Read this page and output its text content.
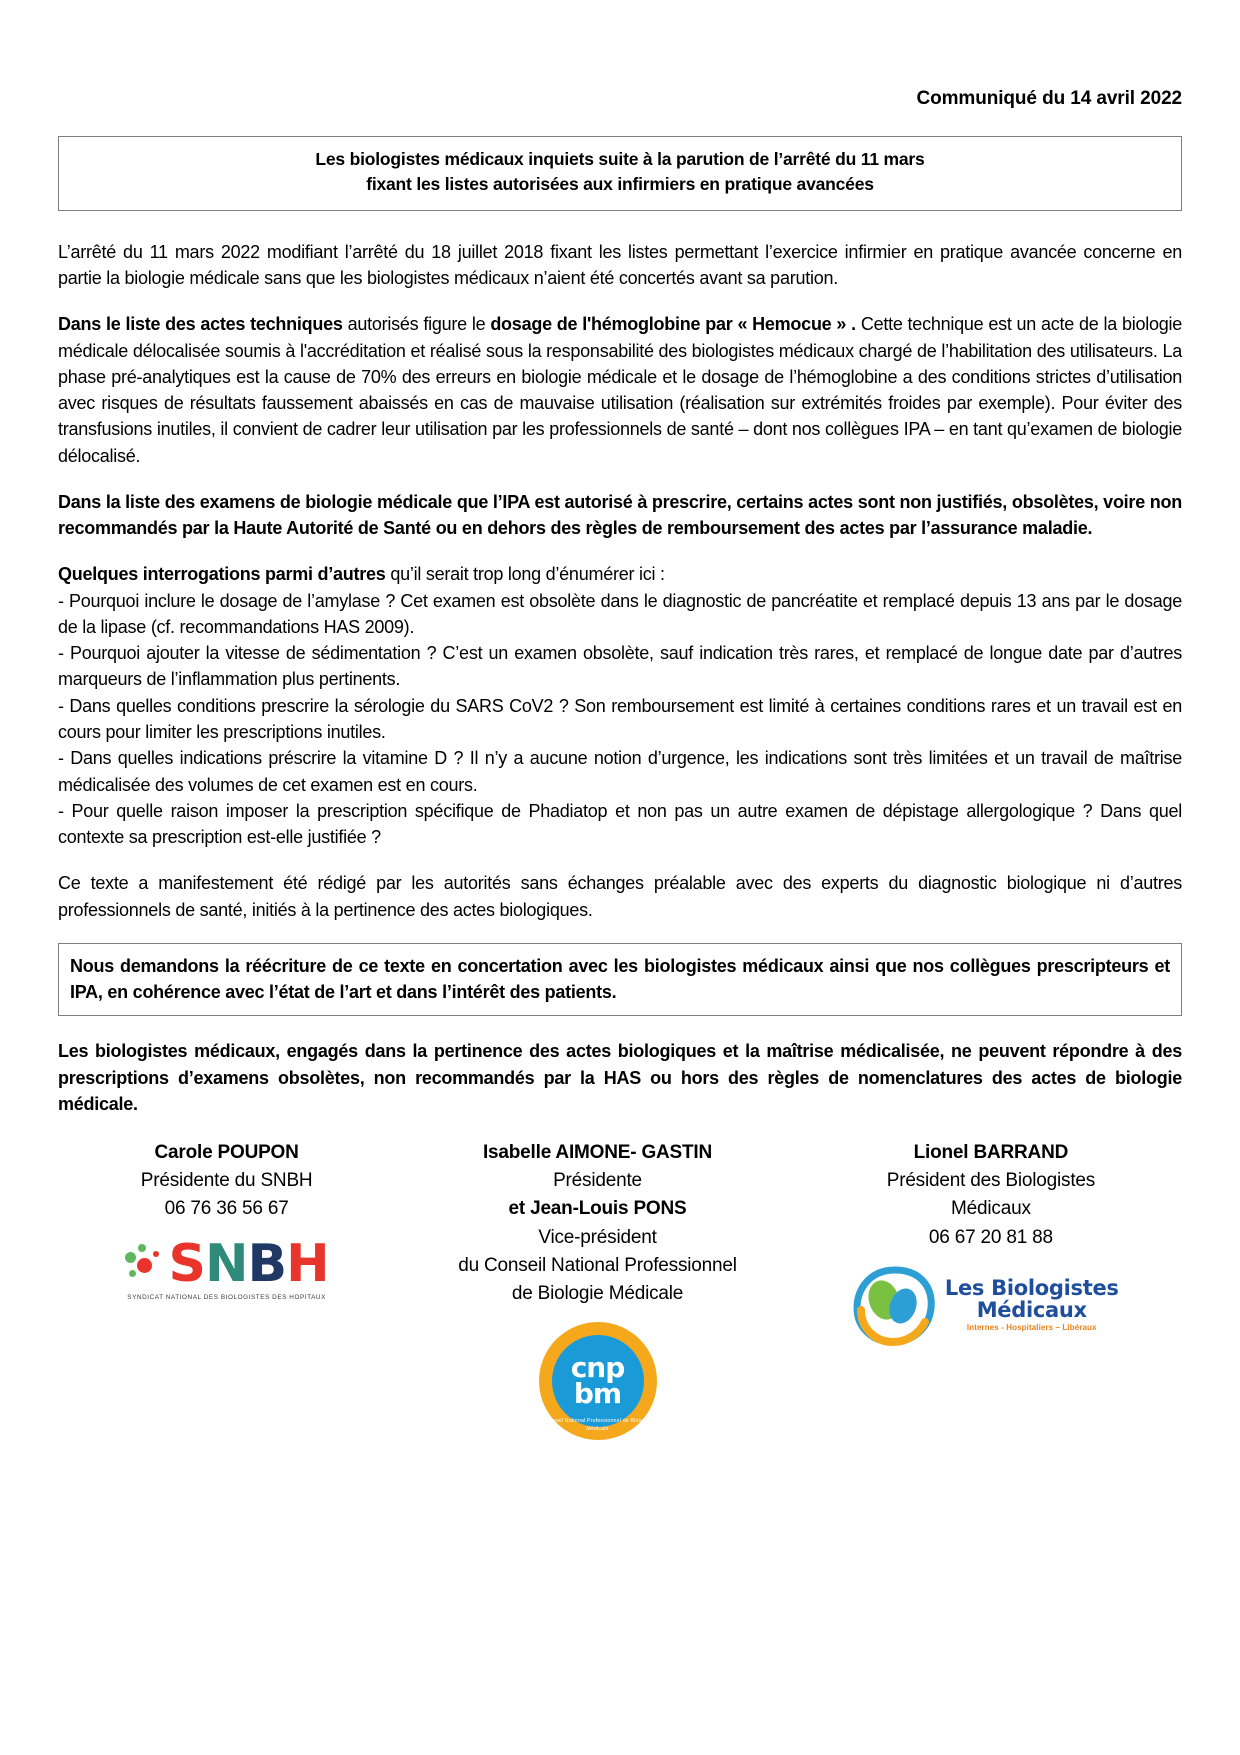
Communiqué du 14 avril 2022
Les biologistes médicaux inquiets suite à la parution de l’arrêté du 11 mars
fixant les listes autorisées aux infirmiers en pratique avancées

L’arrêté du 11 mars 2022 modifiant l’arrêté du 18 juillet 2018 fixant les listes permettant l’exercice infirmier en pratique avancée concerne en partie la biologie médicale sans que les biologistes médicaux n’aient été concertés avant sa parution.

Dans le liste des actes techniques autorisés figure le dosage de l'hémoglobine par « Hemocue » . Cette technique est un acte de la biologie médicale délocalisée soumis à l'accréditation et réalisé sous la responsabilité des biologistes médicaux chargé de l’habilitation des utilisateurs. La phase pré-analytiques est la cause de 70% des erreurs en biologie médicale et le dosage de l’hémoglobine a des conditions strictes d’utilisation avec risques de résultats faussement abaissés en cas de mauvaise utilisation (réalisation sur extrémités froides par exemple). Pour éviter des transfusions inutiles, il convient de cadrer leur utilisation par les professionnels de santé – dont nos collègues IPA – en tant qu’examen de biologie délocalisé.

Dans la liste des examens de biologie médicale que l’IPA est autorisé à prescrire, certains actes sont non justifiés, obsolètes, voire non recommandés par la Haute Autorité de Santé ou en dehors des règles de remboursement des actes par l’assurance maladie.

Quelques interrogations parmi d’autres qu’il serait trop long d’énumérer ici :
- Pourquoi inclure le dosage de l’amylase ? Cet examen est obsolète dans le diagnostic de pancréatite et remplacé depuis 13 ans par le dosage de la lipase (cf. recommandations HAS 2009).
- Pourquoi ajouter la vitesse de sédimentation ? C’est un examen obsolète, sauf indication très rares, et remplacé de longue date par d’autres marqueurs de l’inflammation plus pertinents.
- Dans quelles conditions prescrire la sérologie du SARS CoV2 ? Son remboursement est limité à certaines conditions rares et un travail est en cours pour limiter les prescriptions inutiles.
- Dans quelles indications préscrire la vitamine D ? Il n’y a aucune notion d’urgence, les indications sont très limitées et un travail de maîtrise médicalisée des volumes de cet examen est en cours.
- Pour quelle raison imposer la prescription spécifique de Phadiatop et non pas un autre examen de dépistage allergologique ? Dans quel contexte sa prescription est-elle justifiée ?

Ce texte a manifestement été rédigé par les autorités sans échanges préalable avec des experts du diagnostic biologique ni d’autres professionnels de santé, initiés à la pertinence des actes biologiques.

Nous demandons la réécriture de ce texte en concertation avec les biologistes médicaux ainsi que nos collègues prescripteurs et IPA, en cohérence avec l’état de l’art et dans l’intérêt des patients.

Les biologistes médicaux, engagés dans la pertinence des actes biologiques et la maîtrise médicalisée, ne peuvent répondre à des prescriptions d’examens obsolètes, non recommandés par la HAS ou hors des règles de nomenclatures des actes de biologie médicale.

Carole POUPON
Présidente du SNBH
06 76 36 56 67
SNBH
SYNDICAT NATIONAL DES BIOLOGISTES DES HOPITAUX
Isabelle AIMONE- GASTIN
Présidente
et Jean-Louis PONS
Vice-président
du Conseil National Professionnel
de Biologie Médicale
cnp
bm
Conseil National Professionnel de Biologie Médicale
Lionel BARRAND
Président des Biologistes
Médicaux
06 67 20 81 88
Les Biologistes
Médicaux
Internes - Hospitaliers – Libéraux
